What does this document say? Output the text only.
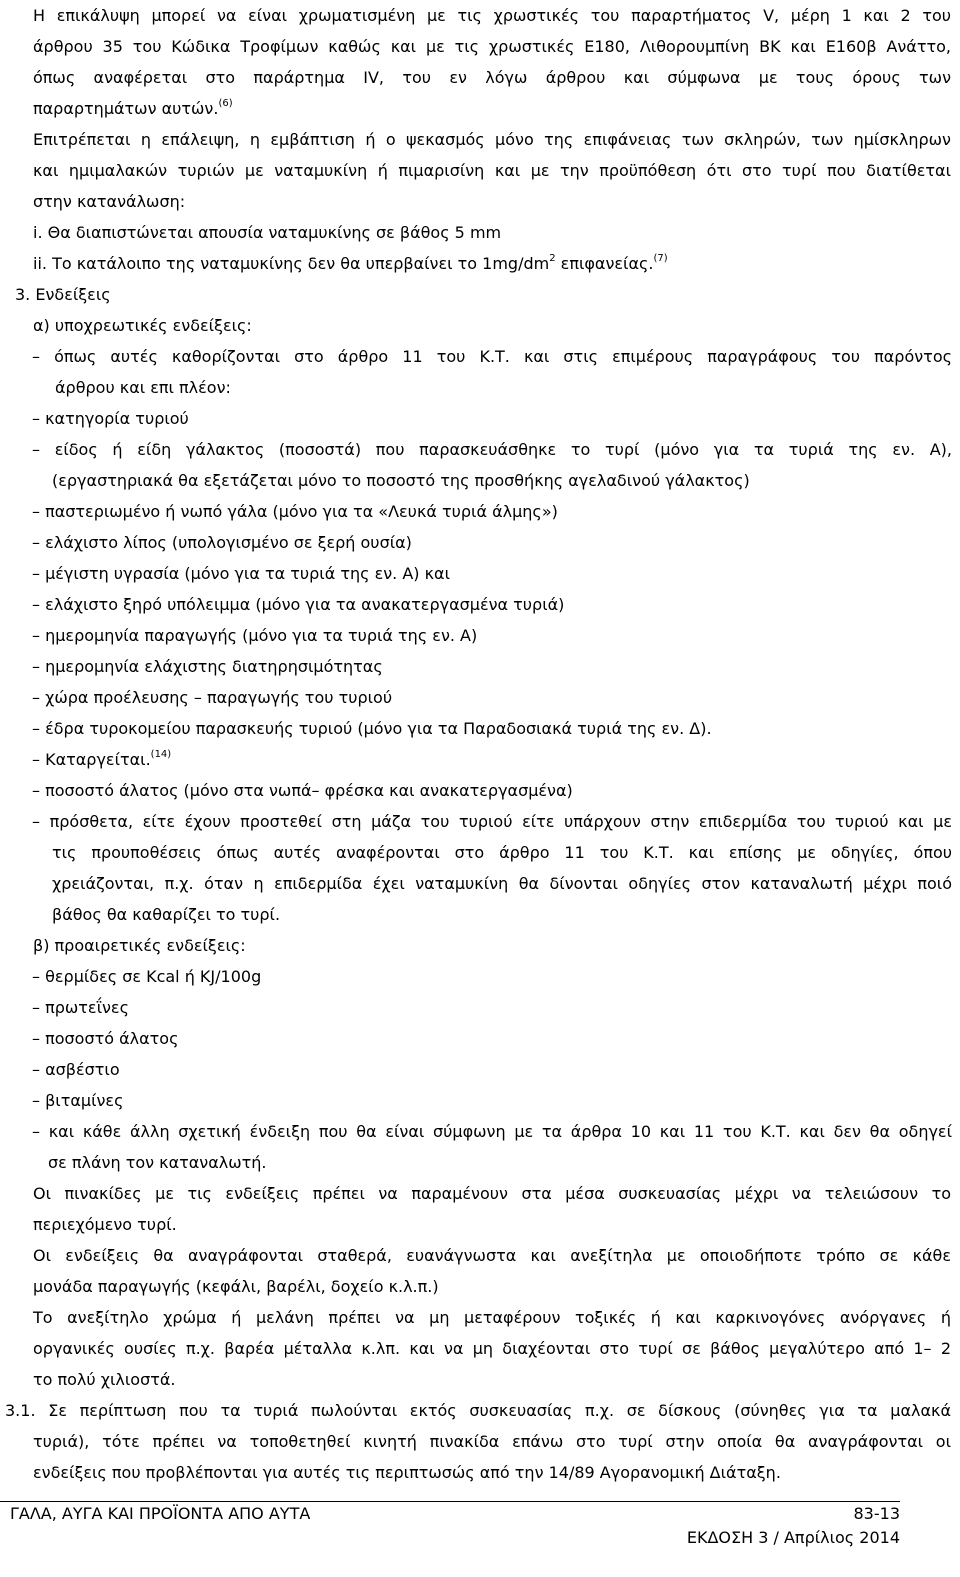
Η επικάλυψη μπορεί να είναι χρωματισμένη με τις χρωστικές του παραρτήματος V, μέρη 1 και 2 του
άρθρου 35 του Κώδικα Τροφίμων καθώς και με τις χρωστικές E180, Λιθορουμπίνη BK και E160β Ανάττο,
όπως αναφέρεται στο παράρτημα IV, του εν λόγω άρθρου και σύμφωνα με τους όρους των
παραρτημάτων αυτών.$^{(6)}$
Επιτρέπεται η επάλειψη, η εμβάπτιση ή ο ψεκασμός μόνο της επιφάνειας των σκληρών, των ημίσκληρων
και ημιμαλακών τυριών με ναταμυκίνη ή πιμαρισίνη και με την προϋπόθεση ότι στο τυρί που διατίθεται
στην κατανάλωση:
i. Θα διαπιστώνεται απουσία ναταμυκίνης σε βάθος 5 mm
ii. Το κατάλοιπο της ναταμυκίνης δεν θα υπερβαίνει το $1mg/dm^2$ επιφανείας.$^{(7)}$
3. Ενδείξεις
α) υποχρεωτικές ενδείξεις:
– όπως αυτές καθορίζονται στο άρθρο 11 του Κ.Τ. και στις επιμέρους παραγράφους του παρόντος
άρθρου και επι πλέον:
– κατηγορία τυριού
– είδος ή είδη γάλακτος (ποσοστά) που παρασκευάσθηκε το τυρί (μόνο για τα τυριά της εν. Α),
(εργαστηριακά θα εξετάζεται μόνο το ποσοστό της προσθήκης αγελαδινού γάλακτος)
– παστεριωμένο ή νωπό γάλα (μόνο για τα «Λευκά τυριά άλμης»)
– ελάχιστο λίπος (υπολογισμένο σε ξερή ουσία)
– μέγιστη υγρασία (μόνο για τα τυριά της εν. Α) και
– ελάχιστο ξηρό υπόλειμμα (μόνο για τα ανακατεργασμένα τυριά)
– ημερομηνία παραγωγής (μόνο για τα τυριά της εν. Α)
– ημερομηνία ελάχιστης διατηρησιμότητας
– χώρα προέλευσης – παραγωγής του τυριού
– έδρα τυροκομείου παρασκευής τυριού (μόνο για τα Παραδοσιακά τυριά της εν. Δ).
– Καταργείται.$^{(14)}$
– ποσοστό άλατος (μόνο στα νωπά– φρέσκα και ανακατεργασμένα)
– πρόσθετα, είτε έχουν προστεθεί στη μάζα του τυριού είτε υπάρχουν στην επιδερμίδα του τυριού και με
τις προυποθέσεις όπως αυτές αναφέρονται στο άρθρο 11 του Κ.Τ. και επίσης με οδηγίες, όπου
χρειάζονται, π.χ. όταν η επιδερμίδα έχει ναταμυκίνη θα δίνονται οδηγίες στον καταναλωτή μέχρι ποιό
βάθος θα καθαρίζει το τυρί.
β) προαιρετικές ενδείξεις:
– θερμίδες σε Kcal ή KJ/100g
– πρωτεΐνες
– ποσοστό άλατος
– ασβέστιο
– βιταμίνες
– και κάθε άλλη σχετική ένδειξη που θα είναι σύμφωνη με τα άρθρα 10 και 11 του Κ.Τ. και δεν θα οδηγεί
σε πλάνη τον καταναλωτή.
Οι πινακίδες με τις ενδείξεις πρέπει να παραμένουν στα μέσα συσκευασίας μέχρι να τελειώσουν το
περιεχόμενο τυρί.
Οι ενδείξεις θα αναγράφονται σταθερά, ευανάγνωστα και ανεξίτηλα με οποιοδήποτε τρόπο σε κάθε
μονάδα παραγωγής (κεφάλι, βαρέλι, δοχείο κ.λ.π.)
Το ανεξίτηλο χρώμα ή μελάνη πρέπει να μη μεταφέρουν τοξικές ή και καρκινογόνες ανόργανες ή
οργανικές ουσίες π.χ. βαρέα μέταλλα κ.λπ. και να μη διαχέονται στο τυρί σε βάθος μεγαλύτερο από 1– 2
το πολύ χιλιοστά.
3.1. Σε περίπτωση που τα τυριά πωλούνται εκτός συσκευασίας π.χ. σε δίσκους (σύνηθες για τα μαλακά
τυριά), τότε πρέπει να τοποθετηθεί κινητή πινακίδα επάνω στο τυρί στην οποία θα αναγράφονται οι
ενδείξεις που προβλέπονται για αυτές τις περιπτωσώς από την 14/89 Αγορανομική Διάταξη.
ΓΑΛΑ, ΑΥΓΑ ΚΑΙ ΠΡΟΪΟΝΤΑ ΑΠΟ ΑΥΤΑ	83-13
ΕΚΔΟΣΗ 3 / Απρίλιος 2014
